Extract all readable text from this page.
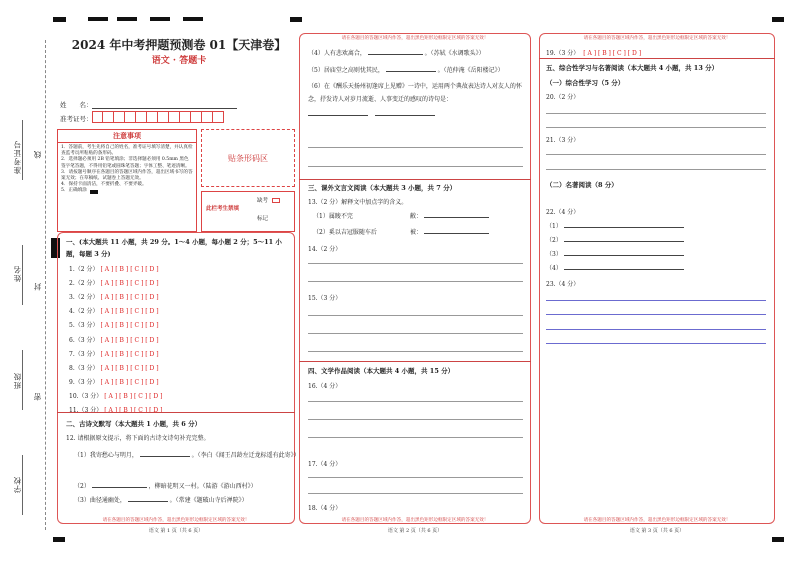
准考证号 线
姓名
封
班级
密
学校
2024 年中考押题预测卷 01【天津卷】
语文 · 答题卡
姓　　名：
准考证号：
注意事项
1．答题前，考生先将自己的姓名，准考证号填写清楚，并认真检查监考员所粘贴的条形码。
2．选择题必须用 2B 铅笔填涂；非选择题必须用 0.5mm 黑色签字笔答题，不得用铅笔或圆珠笔答题；字体工整、笔迹清晰。
3．请按题号顺序在各题目的答题区域内作答，超出区域书写的答案无效；在草稿纸、试题卷上答题无效。
4．保持卡面清洁，不要折叠、不要弄破。
5．正确填涂
贴条形码区
此栏考生禁填
缺考
标记
一、(本大题共 11 小题，共 29 分。1～4 小题，每小题 2 分；5～11 小题，每题 3 分)
1.（2 分） [ A ] [ B ] [ C ] [ D ]
2.（2 分） [ A ] [ B ] [ C ] [ D ]
3.（2 分） [ A ] [ B ] [ C ] [ D ]
4.（2 分） [ A ] [ B ] [ C ] [ D ]
5.（3 分） [ A ] [ B ] [ C ] [ D ]
6.（3 分） [ A ] [ B ] [ C ] [ D ]
7.（3 分） [ A ] [ B ] [ C ] [ D ]
8.（3 分） [ A ] [ B ] [ C ] [ D ]
9.（3 分） [ A ] [ B ] [ C ] [ D ]
10.（3 分） [ A ] [ B ] [ C ] [ D ]
11.（3 分） [ A ] [ B ] [ C ] [ D ]
二、古诗文默写（本大题共 1 小题，共 6 分）
12. 请根据原文提示，将下面的古诗文诗句补充完整。
（1）我寄愁心与明月，	。（李白《闻王昌龄左迁龙标遥有此寄》）
（2）	，柳暗花明又一村。（陆游《游山西村》）
（3）曲径通幽处，	。（常建《题破山寺后禅院》）
请在各题目的答题区域内作答，超出黑色矩形边框限定区域的答案无效！
语文 第 1 页（共 6 页）
请在各题目的答题区域内作答，超出黑色矩形边框限定区域的答案无效！
（4）人有悲欢离合，	。（苏轼《水调歌头》）
（5）居庙堂之高则忧其民，	。（范仲淹《岳阳楼记》）
（6）在《酬乐天扬州初逢席上见赠》一诗中，运用两个典故表达诗人对友人的怀念，抒发诗人对岁月流逝、人事变迁的感叹的诗句是：
三、课外文言文阅读（本大题共 3 小题，共 7 分）
13.（2 分）解释文中加点字的含义。
（1）属睃不完	敝：
（2）奚以吉冠服随车后	被：
14.（2 分）
15.（3 分）
四、文学作品阅读（本大题共 4 小题，共 15 分）
16.（4 分）
17.（4 分）
18.（4 分）
请在各题目的答题区域内作答，超出黑色矩形边框限定区域的答案无效！
语文 第 2 页（共 6 页）
请在各题目的答题区域内作答，超出黑色矩形边框限定区域的答案无效！
19.（3 分） [ A ] [ B ] [ C ] [ D ]
五、综合性学习与名著阅读（本大题共 4 小题，共 13 分）
（一）综合性学习（5 分）
20.（2 分）
21.（3 分）
（二）名著阅读（8 分）
22.（4 分）
（1）
（2）
（3）
（4）
23.（4 分）
请在各题目的答题区域内作答，超出黑色矩形边框限定区域的答案无效！
语文 第 3 页（共 6 页）
